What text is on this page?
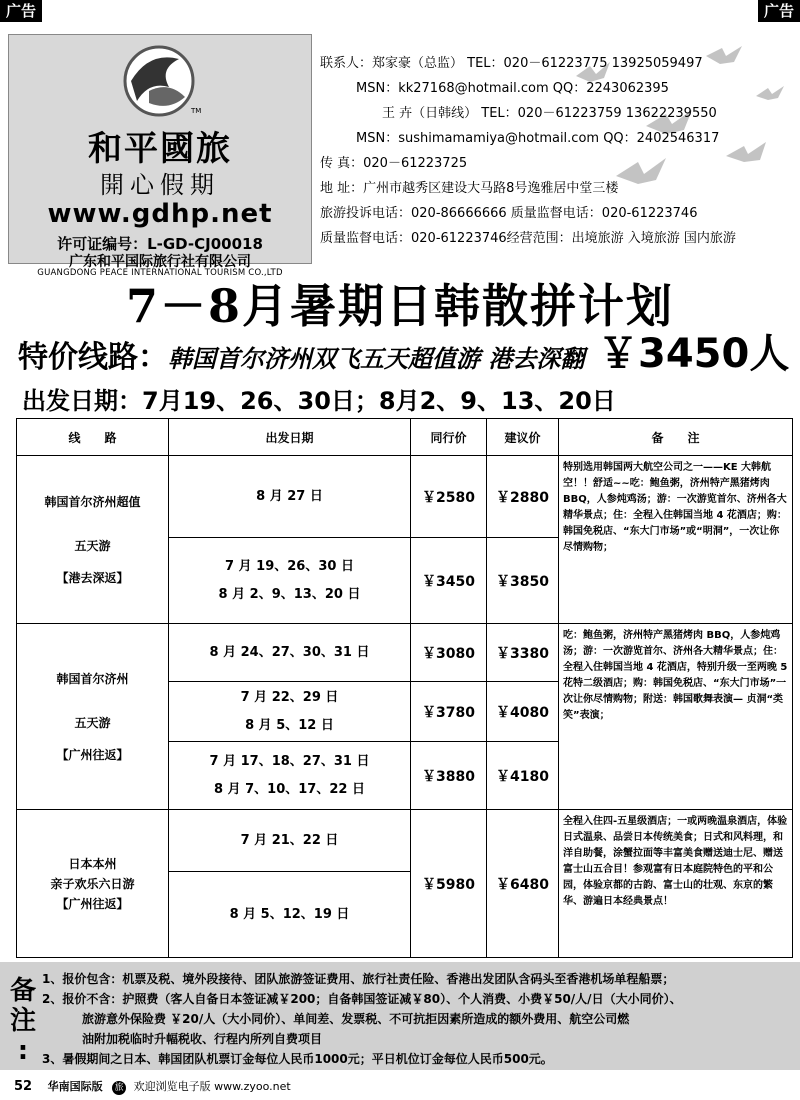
广告	广告
TM
和平國旅
開心假期
www.gdhp.net
许可证编号：L-GD-CJ00018
广东和平国际旅行社有限公司
GUANGDONG PEACE INTERNATIONAL TOURISM CO.,LTD
联系人：郑家豪（总监） TEL：020－61223775 13925059497
MSN：kk27168@hotmail.com QQ：2243062395
王 卉（日韩线） TEL：020－61223759 13622239550
MSN：sushimamamiya@hotmail.com QQ：2402546317
传 真：020－61223725
地 址：广州市越秀区建设大马路8号逸雅居中堂三楼
旅游投诉电话：020-86666666 质量监督电话：020-61223746
质量监督电话：020-61223746经营范围：出境旅游 入境旅游 国内旅游
7－8月暑期日韩散拼计划
特价线路：韩国首尔济州双飞五天超值游 港去深翻 ￥3450人
出发日期：7月19、26、30日；8月2、9、13、20日
线　　路	出发日期	同行价	建议价	备　　注

韩国首尔济州超值
五天游
【港去深返】	8 月 27 日	￥2580	￥2880	特别选用韩国两大航空公司之一——KE 大韩航空！！舒适~~吃：鲍鱼粥，济州特产黑猪烤肉 BBQ，人参炖鸡汤；游：一次游览首尔、济州各大精华景点；住：全程入住韩国当地 4 花酒店；购：韩国免税店、“东大门市场”或“明洞”，一次让你尽情购物；

	7 月 19、26、30 日
8 月 2、9、13、20 日	￥3450	￥3850	

韩国首尔济州
五天游
【广州往返】	8 月 24、27、30、31 日	￥3080	￥3380	吃：鲍鱼粥，济州特产黑猪烤肉 BBQ，人参炖鸡汤；游：一次游览首尔、济州各大精华景点；住：全程入住韩国当地 4 花酒店，特别升级一至两晚 5 花特二级酒店；购：韩国免税店、“东大门市场”一次让你尽情购物；附送：韩国歌舞表演— 贞洞“类笑”表演；

	7 月 22、29 日
8 月 5、12 日	￥3780	￥4080	

	7 月 17、18、27、31 日
8 月 7、10、17、22 日	￥3880	￥4180	

日本本州
亲子欢乐六日游
【广州往返】	7 月 21、22 日	￥5980	￥6480	全程入住四-五星级酒店；一或两晚温泉酒店，体验日式温泉、品尝日本传统美食；日式和风料理，和洋自助餐，涂蟹拉面等丰富美食赠送迪士尼、赠送富士山五合目！参观富有日本庭院特色的平和公园，体验京都的古韵、富士山的壮观、东京的繁华、游遍日本经典景点！

	8 月 5、12、19 日			
备
注
:
1、报价包含：机票及税、境外段接待、团队旅游签证费用、旅行社责任险、香港出发团队含码头至香港机场单程船票；
2、报价不含：护照费（客人自备日本签证减￥200；自备韩国签证减￥80）、个人消费、小费￥50/人/日（大小同价）、
旅游意外保险费 ￥20/人（大小同价）、单间差、发票税、不可抗拒因素所造成的额外费用、航空公司燃
油附加税临时升幅税收、行程内所列自费项目
3、暑假期间之日本、韩国团队机票订金每位人民币1000元；平日机位订金每位人民币500元。
52 华南国际版 旅 欢迎浏览电子版 www.zyoo.net
